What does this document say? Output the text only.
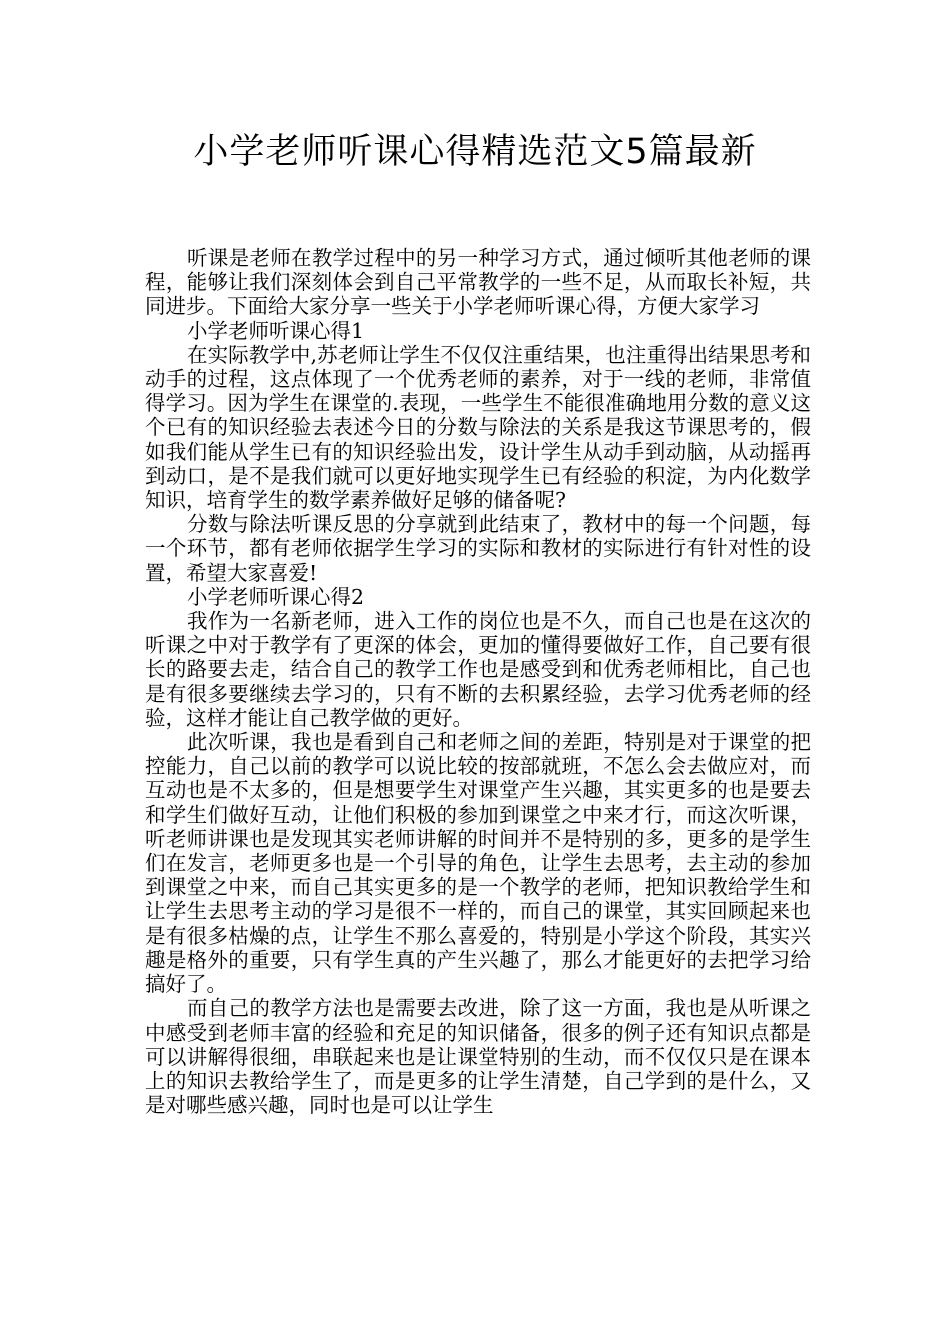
小学老师听课心得精选范文5篇最新

听课是老师在教学过程中的另一种学习方式，通过倾听其他老师的课程，能够让我们深刻体会到自己平常教学的一些不足，从而取长补短，共同进步。下面给大家分享一些关于小学老师听课心得，方便大家学习

小学老师听课心得1

在实际教学中,苏老师让学生不仅仅注重结果，也注重得出结果思考和动手的过程，这点体现了一个优秀老师的素养，对于一线的老师，非常值得学习。因为学生在课堂的.表现，一些学生不能很准确地用分数的意义这个已有的知识经验去表述今日的分数与除法的关系是我这节课思考的，假如我们能从学生已有的知识经验出发，设计学生从动手到动脑，从动摇再到动口，是不是我们就可以更好地实现学生已有经验的积淀，为内化数学知识，培育学生的数学素养做好足够的储备呢?

分数与除法听课反思的分享就到此结束了，教材中的每一个问题，每一个环节，都有老师依据学生学习的实际和教材的实际进行有针对性的设置，希望大家喜爱!

小学老师听课心得2

我作为一名新老师，进入工作的岗位也是不久，而自己也是在这次的听课之中对于教学有了更深的体会，更加的懂得要做好工作，自己要有很长的路要去走，结合自己的教学工作也是感受到和优秀老师相比，自己也是有很多要继续去学习的，只有不断的去积累经验，去学习优秀老师的经验，这样才能让自己教学做的更好。

此次听课，我也是看到自己和老师之间的差距，特别是对于课堂的把控能力，自己以前的教学可以说比较的按部就班，不怎么会去做应对，而互动也是不太多的，但是想要学生对课堂产生兴趣，其实更多的也是要去和学生们做好互动，让他们积极的参加到课堂之中来才行，而这次听课，听老师讲课也是发现其实老师讲解的时间并不是特别的多，更多的是学生们在发言，老师更多也是一个引导的角色，让学生去思考，去主动的参加到课堂之中来，而自己其实更多的是一个教学的老师，把知识教给学生和让学生去思考主动的学习是很不一样的，而自己的课堂，其实回顾起来也是有很多枯燥的点，让学生不那么喜爱的，特别是小学这个阶段，其实兴趣是格外的重要，只有学生真的产生兴趣了，那么才能更好的去把学习给搞好了。

而自己的教学方法也是需要去改进，除了这一方面，我也是从听课之中感受到老师丰富的经验和充足的知识储备，很多的例子还有知识点都是可以讲解得很细，串联起来也是让课堂特别的生动，而不仅仅只是在课本上的知识去教给学生了，而是更多的让学生清楚，自己学到的是什么，又是对哪些感兴趣，同时也是可以让学生
